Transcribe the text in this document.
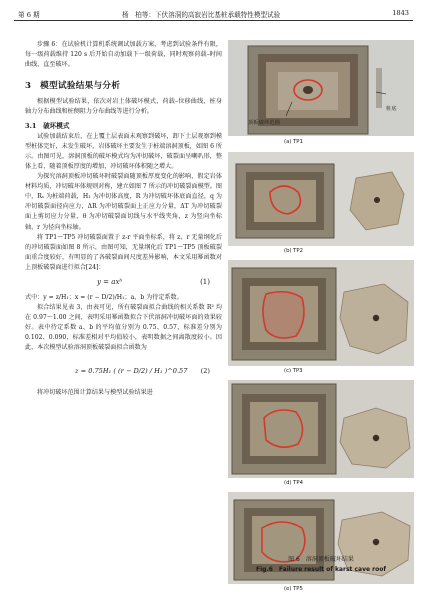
第 6 期	杨　柏等：下伏溶洞的高寂岩比基桩承载特性模型试验	1843

步骤 6：在试验机计算机系统调试加载方案，考虑到试验条件有限，每一级荷载维持 120 s 后开始自动加载下一级荷载，同时观察荷载–时间曲线，直至破坏。

3　模型试验结果与分析

根据模型试验结果，依次对岩土体破坏模式、荷载–位移曲线、桩身轴力分布曲线和桩侧阻力分布曲线等进行分析。

3.1　破坏模式

试验加载结束后，在上覆土层表面未观察到破坏，卸下土层观察到模型桩体完好，未发生破坏，岩体破坏主要发生于桩端溶洞顶板，如图 6 所示。由图可见，溶洞顶板的破坏模式均为冲切破坏，破裂面呈喇叭形，整体上看，随着顶板厚度的增加，冲切破坏体积随之增大。

为探究溶洞顶板冲切破坏时破裂面随顶板厚度变化的影响，假定岩体材料均质，冲切破坏体规则对称，建立如图 7 所示的冲切破裂面模型。图中，Rₛ 为桩端荷载，H₁ 为冲切体高度，R 为冲切破坏体底面直径，q 为冲切破裂面径向应力，ΔR 为冲切破裂面上正应力分量，ΔT 为冲切破裂面上剪切应力分量，θ 为冲切破裂面切线与水平线夹角，z 为竖向坐标轴，r 为径向坐标轴。

将 TP1～TP5 冲切破裂面置于 z-r 平面坐标系，将 z、r 无量纲化后的冲切破裂面如图 8 所示，由图可知，无量纲化后 TP1～TP5 顶板破裂面重合度较好，有明显的了各破裂面间尺度差异影响，本文采用幂函数对上顶板破裂面进行拟合[24]：

y = axᵇ	(1)

式中：y = z/H₁；x = (r − D/2)/H₁；a、b 为待定系数。

拟合结果见表 3，由表可见，所有破裂面拟合曲线的相关系数 R² 均在 0.97～1.00 之间，表明采用幂函数拟合下伏溶洞冲切破坏面的效果较好。表中待定系数 a、b 的平均值分别为 0.75、0.57，标准差分别为 0.102、0.090，标准差相对平均值较小，表明数据之间离散度较小。因此，本次模型试验溶洞顶板破裂面拟合函数为

z = 0.75H₁ ( (r − D/2) / H₁ )^0.57 (2)

将冲切破坏范围计算结果与模型试验结果进

顶板破坏范围
桩底
(a) TP1
(b) TP2
(c) TP3
(d) TP4
(e) TP5
图 6　溶洞顶板破坏结果
Fig.6　Failure result of karst cave roof
